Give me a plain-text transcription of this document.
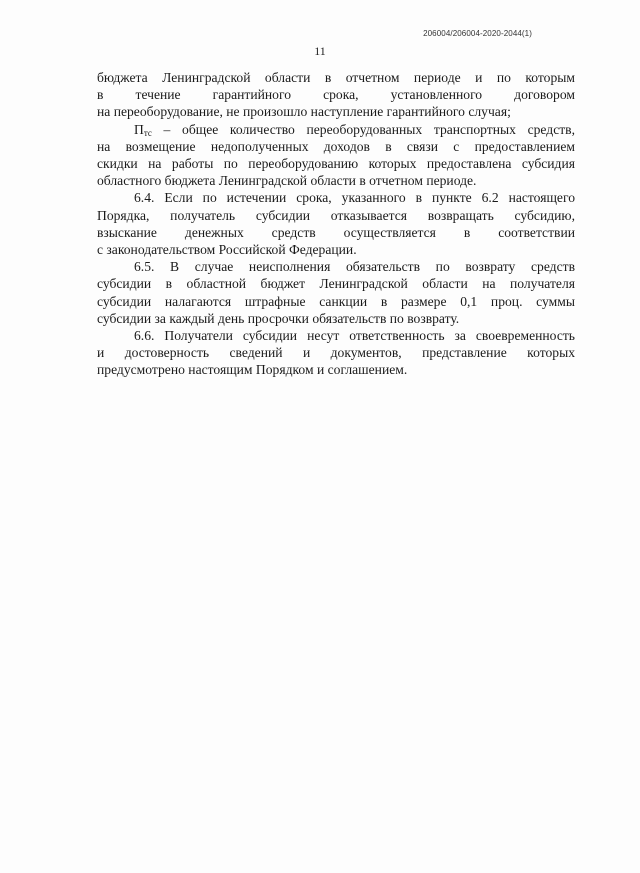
206004/206004-2020-2044(1)
11
бюджета Ленинградской области в отчетном периоде и по которым
в течение гарантийного срока, установленного договором
на переоборудование, не произошло наступление гарантийного случая;
$П_{тс}$ – общее количество переоборудованных транспортных средств,
на возмещение недополученных доходов в связи с предоставлением
скидки на работы по переоборудованию которых предоставлена субсидия
областного бюджета Ленинградской области в отчетном периоде.
6.4. Если по истечении срока, указанного в пункте 6.2 настоящего
Порядка, получатель субсидии отказывается возвращать субсидию,
взыскание денежных средств осуществляется в соответствии
с законодательством Российской Федерации.
6.5. В случае неисполнения обязательств по возврату средств
субсидии в областной бюджет Ленинградской области на получателя
субсидии налагаются штрафные санкции в размере 0,1 проц. суммы
субсидии за каждый день просрочки обязательств по возврату.
6.6. Получатели субсидии несут ответственность за своевременность
и достоверность сведений и документов, представление которых
предусмотрено настоящим Порядком и соглашением.
